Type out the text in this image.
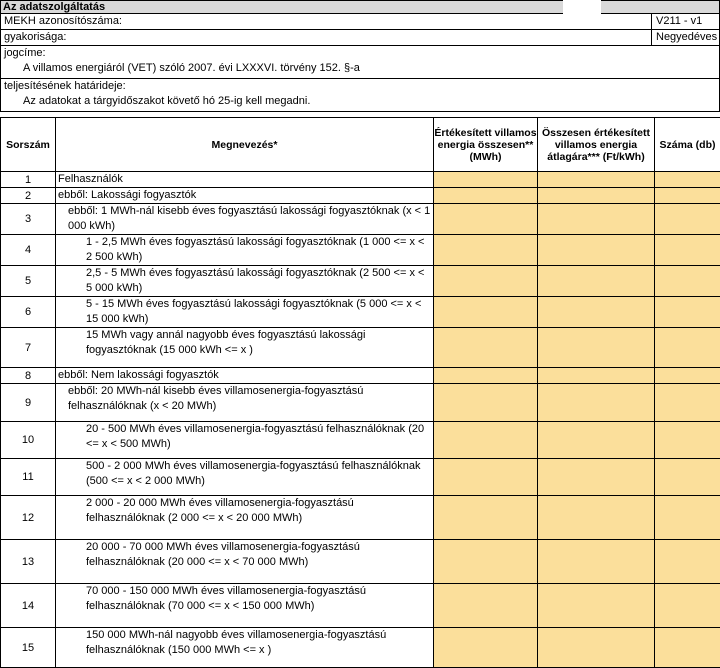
Az adatszolgáltatás
MEKH azonosítószáma:	V211 - v1
gyakorisága:	Negyedéves
jogcíme:
A villamos energiáról (VET) szóló 2007. évi LXXXVI. törvény 152. §-a
teljesítésének határideje:
Az adatokat a tárgyidőszakot követő hó 25-ig kell megadni.
Sorszám	Megnevezés*	Értékesített villamos energia összesen** (MWh)	Összesen értékesített villamos energia átlagára*** (Ft/kWh)	Száma (db)
1	Felhasználók			
2	ebből: Lakossági fogyasztók			
3	ebből: 1 MWh-nál kisebb éves fogyasztású lakossági fogyasztóknak (x < 1 000 kWh)			
4	1 - 2,5 MWh éves fogyasztású lakossági fogyasztóknak (1 000 <= x < 2 500 kWh)			
5	2,5 - 5 MWh éves fogyasztású lakossági fogyasztóknak (2 500 <= x < 5 000 kWh)			
6	5 - 15 MWh éves fogyasztású lakossági fogyasztóknak (5 000 <= x < 15 000 kWh)			
7	15 MWh vagy annál nagyobb éves fogyasztású lakossági fogyasztóknak (15 000 kWh <= x )			
8	ebből: Nem lakossági fogyasztók			
9	ebből: 20 MWh-nál kisebb éves villamosenergia-fogyasztású felhasználóknak (x < 20 MWh)			
10	20 - 500 MWh éves villamosenergia-fogyasztású felhasználóknak (20 <= x < 500 MWh)			
11	500 - 2 000 MWh éves villamosenergia-fogyasztású felhasználóknak (500 <= x < 2 000 MWh)			
12	2 000 - 20 000 MWh éves villamosenergia-fogyasztású felhasználóknak (2 000 <= x < 20 000 MWh)			
13	20 000 - 70 000 MWh éves villamosenergia-fogyasztású felhasználóknak (20 000 <= x < 70 000 MWh)			
14	70 000 - 150 000 MWh éves villamosenergia-fogyasztású felhasználóknak (70 000 <= x < 150 000 MWh)			
15	150 000 MWh-nál nagyobb éves villamosenergia-fogyasztású felhasználóknak (150 000 MWh <= x )			
